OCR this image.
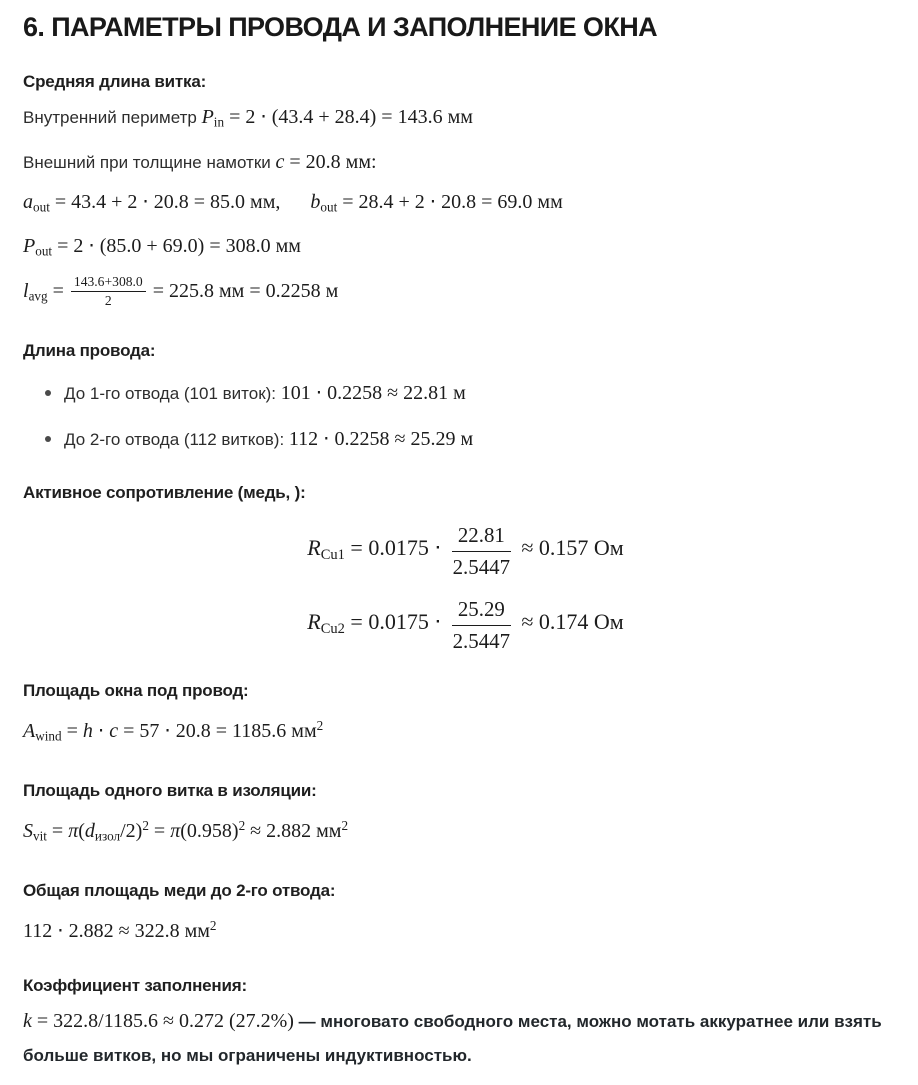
6. ПАРАМЕТРЫ ПРОВОДА И ЗАПОЛНЕНИЕ ОКНА
Средняя длина витка:

Внутренний периметр Pin = 2 ⋅ (43.4 + 28.4) = 143.6 мм

Внешний при толщине намотки c = 20.8 мм:

aout = 43.4 + 2 ⋅ 20.8 = 85.0 мм,   bout = 28.4 + 2 ⋅ 20.8 = 69.0 мм

Pout = 2 ⋅ (85.0 + 69.0) = 308.0 мм

lavg = $\frac{143.6+308.0}{2} = 225.8$ мм = 0.2258 м

Длина провода:

До 1-го отвода (101 виток): 101 ⋅ 0.2258 ≈ 22.81 м

До 2-го отвода (112 витков): 112 ⋅ 0.2258 ≈ 25.29 м

Активное сопротивление (медь, ):
$RCu1 = 0.0175 \cdot \frac{22.81}{2.5447} \approx 0.157$ Ом
$RCu2 = 0.0175 \cdot \frac{25.29}{2.5447} \approx 0.174$ Ом
Площадь окна под провод:

Awind = h ⋅ c = 57 ⋅ 20.8 = 1185.6 $мм^2$

Площадь одного витка в изоляции:

Svit = π(dизол/2)$^2$ = $\pi(0.958)^2 \approx 2.882$ $мм^2$

Общая площадь меди до 2-го отвода:

112 ⋅ 2.882 ≈ 322.8 $мм^2$

Коэффициент заполнения:

k = 322.8/1185.6 ≈ 0.272 (27.2%) — многовато свободного места, можно мотать аккуратнее или взять больше витков, но мы ограничены индуктивностью.
